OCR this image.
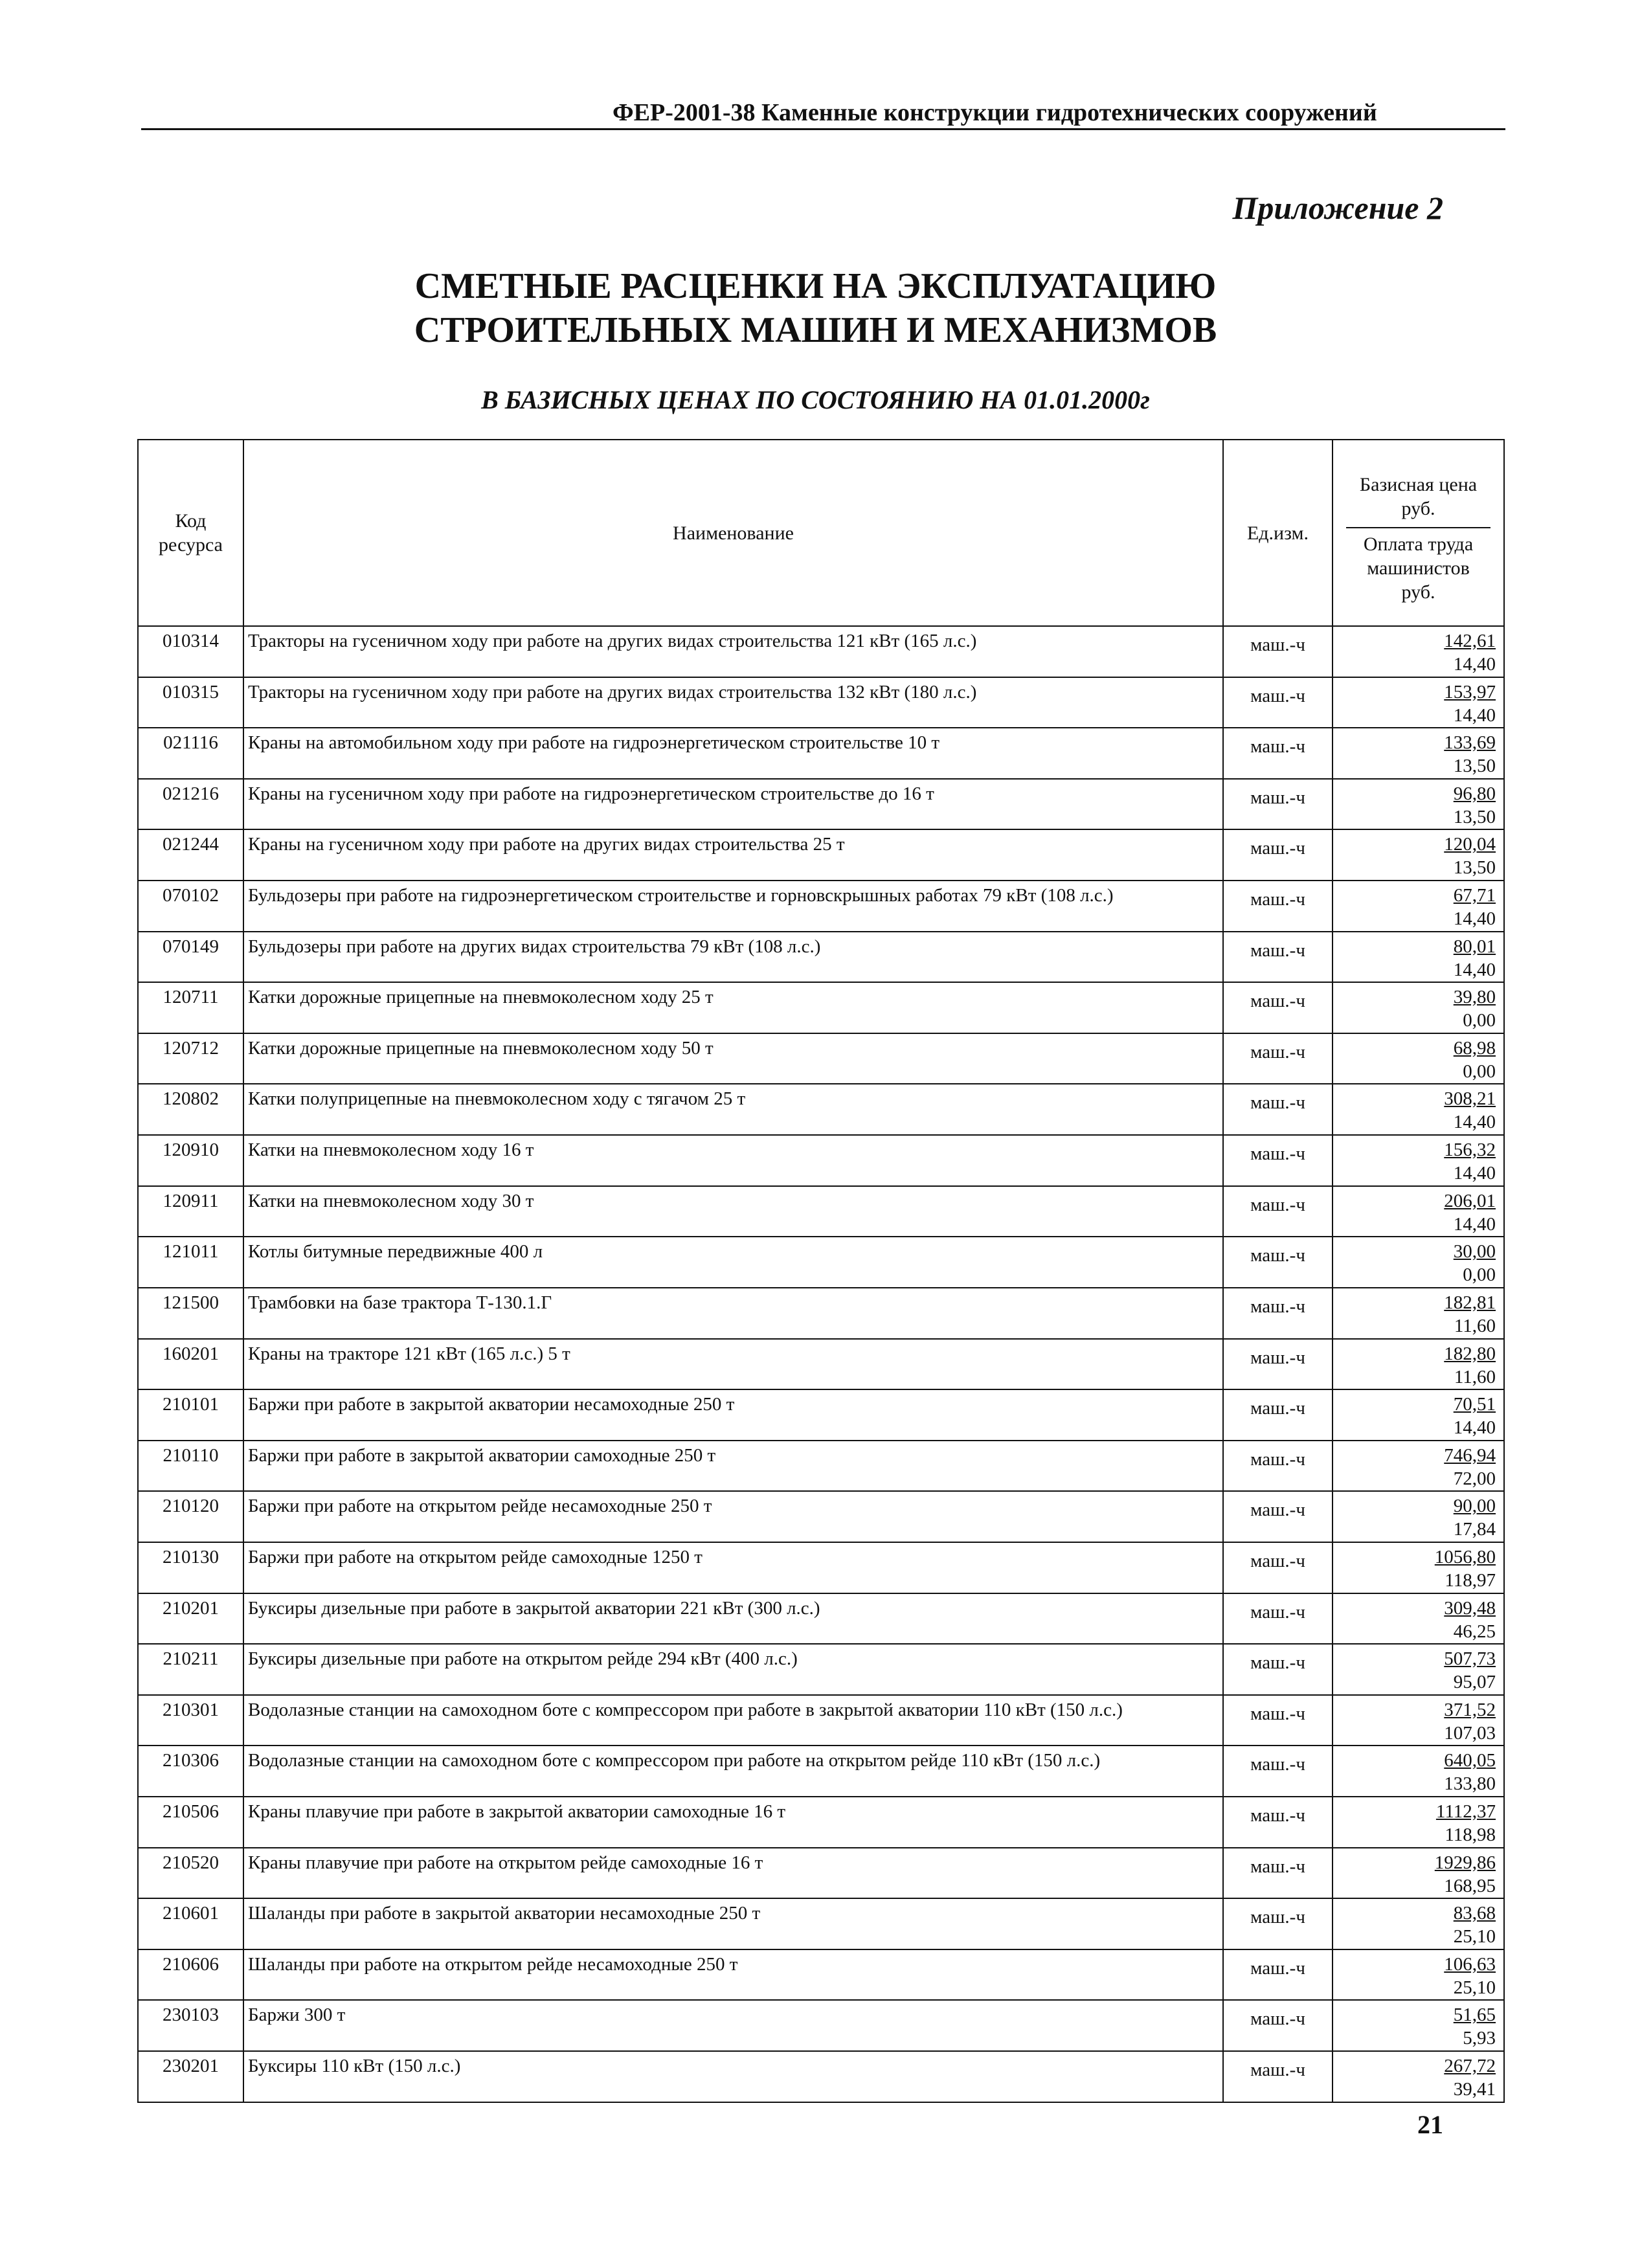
ФЕР-2001-38 Каменные конструкции гидротехнических сооружений
Приложение 2
СМЕТНЫЕ РАСЦЕНКИ НА ЭКСПЛУАТАЦИЮ
СТРОИТЕЛЬНЫХ МАШИН И МЕХАНИЗМОВ
В БАЗИСНЫХ ЦЕНАХ ПО СОСТОЯНИЮ НА 01.01.2000г
Код ресурса	Наименование	Ед.изм.	Базисная цена руб.
Оплата труда машинистов руб.

010314	Тракторы на гусеничном ходу при работе на других видах строительства 121 кВт (165 л.с.)	маш.-ч	142,61
14,40

010315	Тракторы на гусеничном ходу при работе на других видах строительства 132 кВт (180 л.с.)	маш.-ч	153,97
14,40

021116	Краны на автомобильном ходу при работе на гидроэнергетическом строительстве 10 т	маш.-ч	133,69
13,50

021216	Краны на гусеничном ходу при работе на гидроэнергетическом строительстве до 16 т	маш.-ч	96,80
13,50

021244	Краны на гусеничном ходу при работе на других видах строительства 25 т	маш.-ч	120,04
13,50

070102	Бульдозеры при работе на гидроэнергетическом строительстве и горновскрышных работах 79 кВт (108 л.с.)	маш.-ч	67,71
14,40

070149	Бульдозеры при работе на других видах строительства 79 кВт (108 л.с.)	маш.-ч	80,01
14,40

120711	Катки дорожные прицепные на пневмоколесном ходу 25 т	маш.-ч	39,80
0,00

120712	Катки дорожные прицепные на пневмоколесном ходу 50 т	маш.-ч	68,98
0,00

120802	Катки полуприцепные на пневмоколесном ходу с тягачом 25 т	маш.-ч	308,21
14,40

120910	Катки на пневмоколесном ходу 16 т	маш.-ч	156,32
14,40

120911	Катки на пневмоколесном ходу 30 т	маш.-ч	206,01
14,40

121011	Котлы битумные передвижные 400 л	маш.-ч	30,00
0,00

121500	Трамбовки на базе трактора Т-130.1.Г	маш.-ч	182,81
11,60

160201	Краны на тракторе 121 кВт (165 л.с.) 5 т	маш.-ч	182,80
11,60

210101	Баржи при работе в закрытой акватории несамоходные 250 т	маш.-ч	70,51
14,40

210110	Баржи при работе в закрытой акватории самоходные 250 т	маш.-ч	746,94
72,00

210120	Баржи при работе на открытом рейде несамоходные 250 т	маш.-ч	90,00
17,84

210130	Баржи при работе на открытом рейде самоходные 1250 т	маш.-ч	1056,80
118,97

210201	Буксиры дизельные при работе в закрытой акватории 221 кВт (300 л.с.)	маш.-ч	309,48
46,25

210211	Буксиры дизельные при работе на открытом рейде 294 кВт (400 л.с.)	маш.-ч	507,73
95,07

210301	Водолазные станции на самоходном боте с компрессором при работе в закрытой акватории 110 кВт (150 л.с.)	маш.-ч	371,52
107,03

210306	Водолазные станции на самоходном боте с компрессором при работе на открытом рейде 110 кВт (150 л.с.)	маш.-ч	640,05
133,80

210506	Краны плавучие при работе в закрытой акватории самоходные 16 т	маш.-ч	1112,37
118,98

210520	Краны плавучие при работе на открытом рейде самоходные 16 т	маш.-ч	1929,86
168,95

210601	Шаланды при работе в закрытой акватории несамоходные 250 т	маш.-ч	83,68
25,10

210606	Шаланды при работе на открытом рейде несамоходные 250 т	маш.-ч	106,63
25,10

230103	Баржи 300 т	маш.-ч	51,65
5,93

230201	Буксиры 110 кВт (150 л.с.)	маш.-ч	267,72
39,41
21
